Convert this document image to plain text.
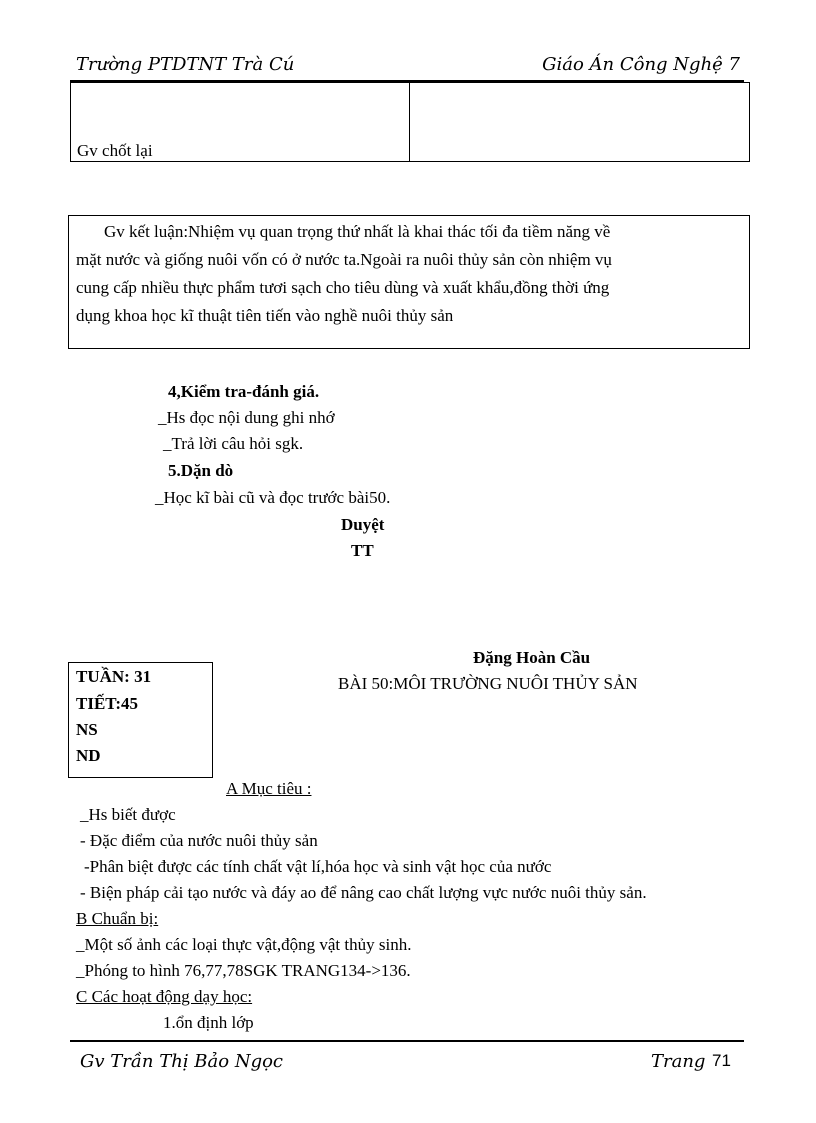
Trường PTDTNT Trà Cú	Giáo Án Công Nghệ 7
Gv chốt lại

Gv kết luận:Nhiệm vụ quan trọng thứ nhất là khai thác tối đa tiềm năng về

mặt nước và giống nuôi vốn có ở nước ta.Ngoài ra nuôi thủy sản còn nhiệm vụ

cung cấp nhiều thực phẩm tươi sạch cho tiêu dùng và xuất khẩu,đồng thời ứng

dụng khoa học kĩ thuật tiên tiến vào nghề nuôi thủy sản

4,Kiểm tra-đánh giá.
_Hs đọc nội dung ghi nhớ
_Trả lời câu hỏi sgk.
5.Dặn dò
_Học kĩ bài cũ và đọc trước bài50.
Duyệt
TT
Đặng Hoàn Cầu
TUẦN: 31
TIẾT:45
NS
ND
BÀI 50:MÔI TRƯỜNG NUÔI THỦY SẢN
A Mục tiêu :
_Hs biết được
- Đặc điểm của nước nuôi thủy sản
-Phân biệt được các tính chất vật lí,hóa học và sinh vật học của nước
- Biện pháp cải tạo nước và đáy ao để nâng cao chất lượng vực nước nuôi thủy sản.
B Chuẩn bị:
_Một số ảnh các loại thực vật,động vật thủy sinh.
_Phóng to hình 76,77,78SGK TRANG134->136.
C Các hoạt động dạy học:
1.ổn định lớp
Gv Trần Thị Bảo Ngọc	Trang 71
